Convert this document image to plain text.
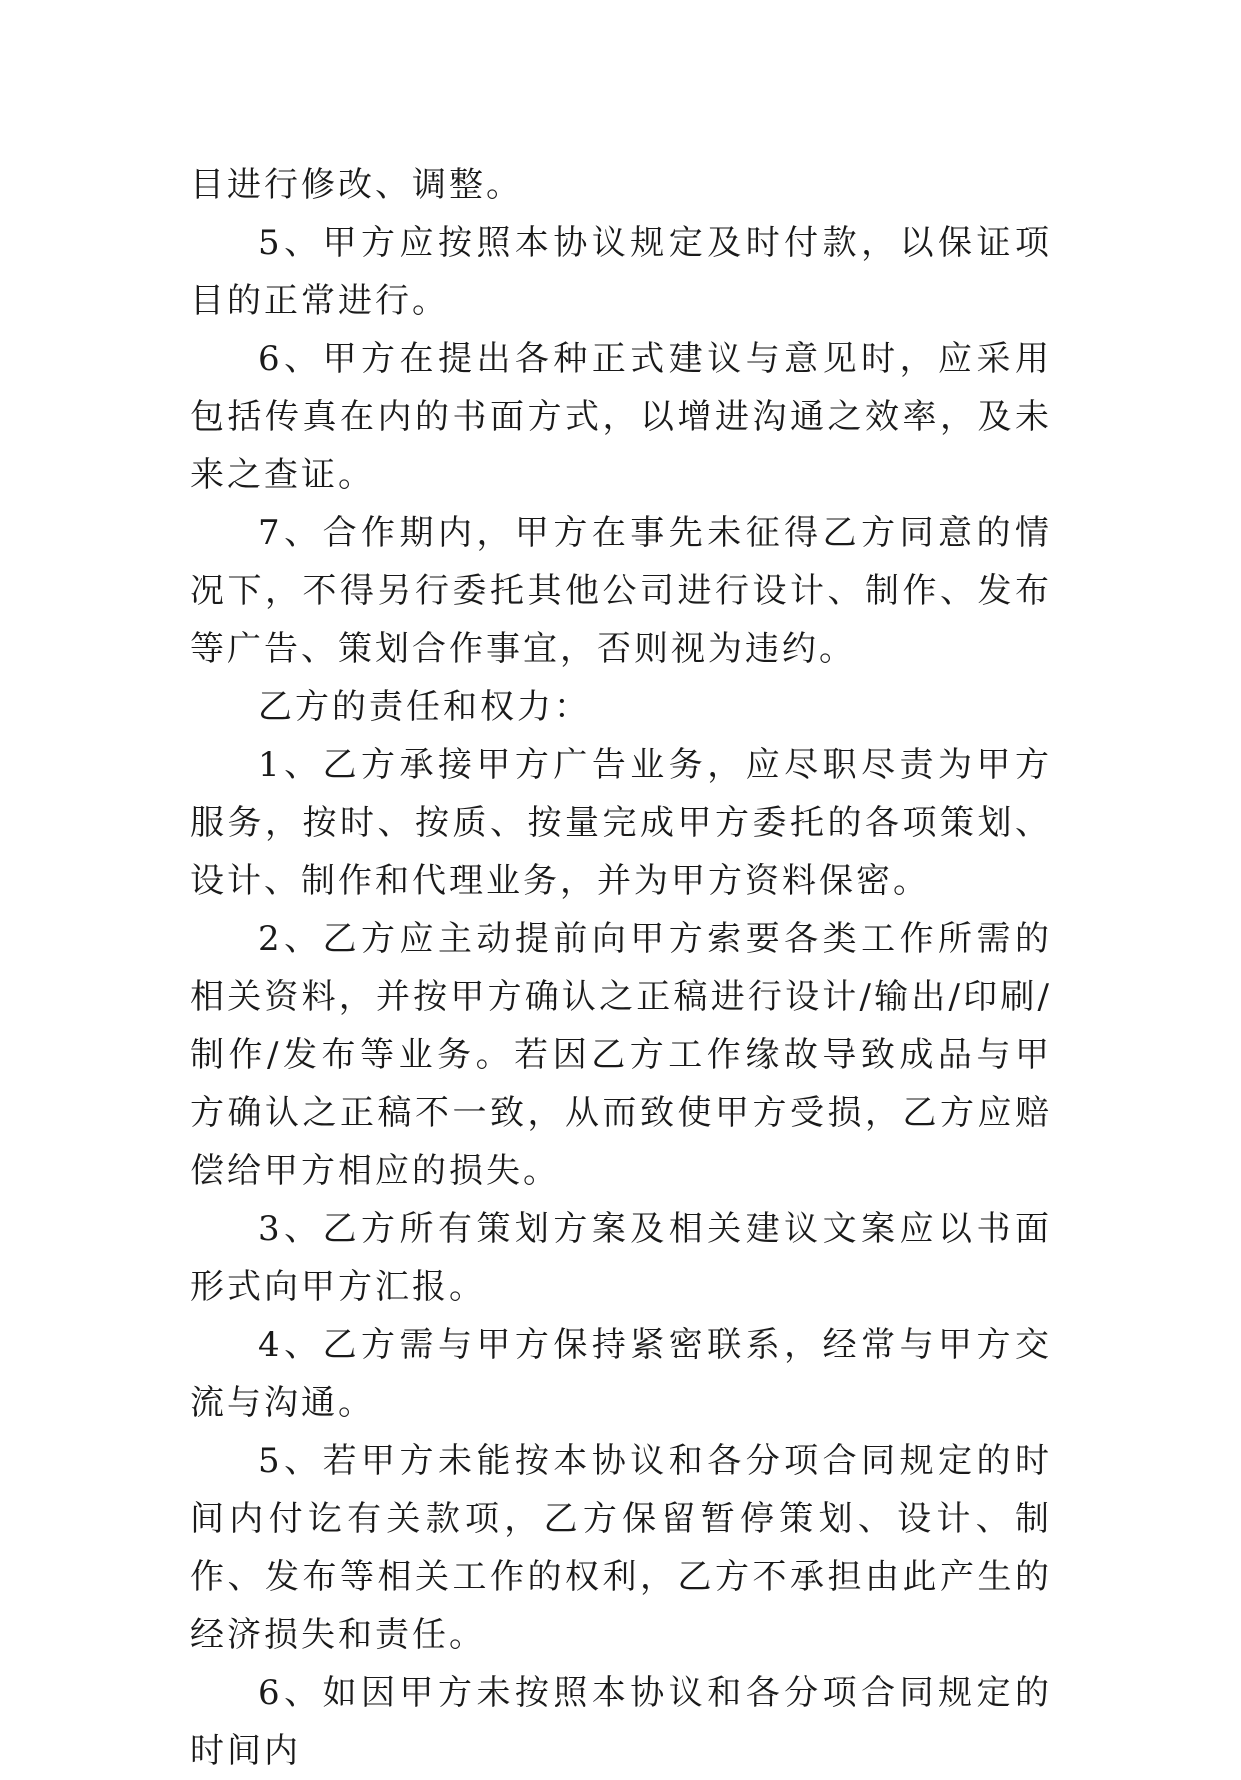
目进行修改、调整。

5、甲方应按照本协议规定及时付款，以保证项目的正常进行。

6、甲方在提出各种正式建议与意见时，应采用包括传真在内的书面方式，以增进沟通之效率，及未来之查证。

7、合作期内，甲方在事先未征得乙方同意的情况下，不得另行委托其他公司进行设计、制作、发布等广告、策划合作事宜，否则视为违约。

乙方的责任和权力：

1、乙方承接甲方广告业务，应尽职尽责为甲方服务，按时、按质、按量完成甲方委托的各项策划、设计、制作和代理业务，并为甲方资料保密。

2、乙方应主动提前向甲方索要各类工作所需的相关资料，并按甲方确认之正稿进行设计/输出/印刷/制作/发布等业务。若因乙方工作缘故导致成品与甲方确认之正稿不一致，从而致使甲方受损，乙方应赔偿给甲方相应的损失。

3、乙方所有策划方案及相关建议文案应以书面形式向甲方汇报。

4、乙方需与甲方保持紧密联系，经常与甲方交流与沟通。

5、若甲方未能按本协议和各分项合同规定的时间内付讫有关款项，乙方保留暂停策划、设计、制作、发布等相关工作的权利，乙方不承担由此产生的经济损失和责任。

6、如因甲方未按照本协议和各分项合同规定的时间内
